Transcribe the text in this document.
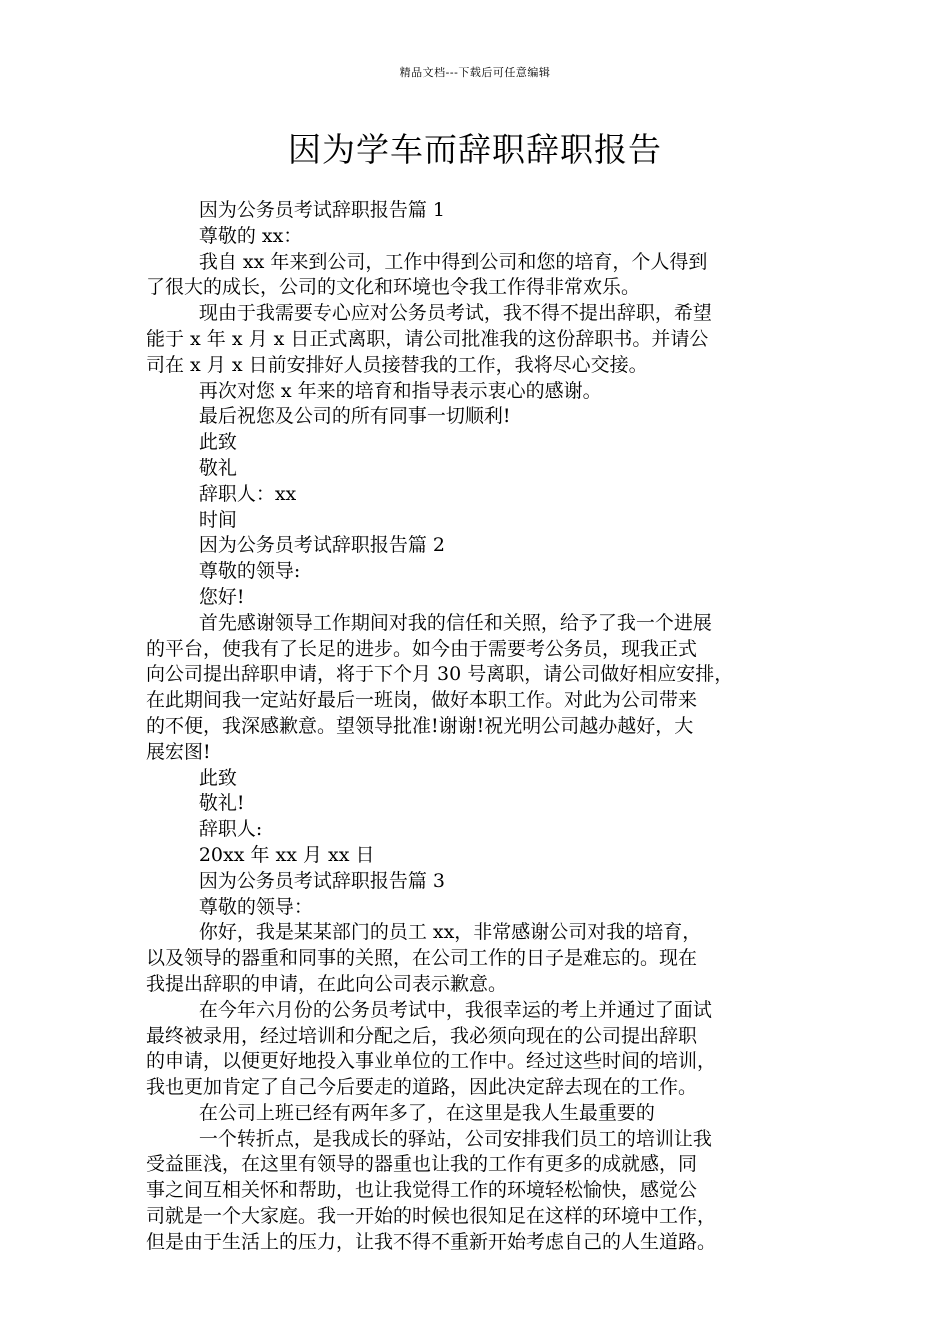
精品文档---下载后可任意编辑
因为学车而辞职辞职报告

因为公务员考试辞职报告篇 1

尊敬的 xx：

我自 xx 年来到公司，工作中得到公司和您的培育，个人得到

了很大的成长，公司的文化和环境也令我工作得非常欢乐。

现由于我需要专心应对公务员考试，我不得不提出辞职，希望

能于 x 年 x 月 x 日正式离职，请公司批准我的这份辞职书。并请公

司在 x 月 x 日前安排好人员接替我的工作，我将尽心交接。

再次对您 x 年来的培育和指导表示衷心的感谢。

最后祝您及公司的所有同事一切顺利!

此致

敬礼

辞职人：xx

时间

因为公务员考试辞职报告篇 2

尊敬的领导:

您好!

首先感谢领导工作期间对我的信任和关照，给予了我一个进展

的平台，使我有了长足的进步。如今由于需要考公务员，现我正式

向公司提出辞职申请，将于下个月 30 号离职，请公司做好相应安排，

在此期间我一定站好最后一班岗，做好本职工作。对此为公司带来

的不便，我深感歉意。望领导批准!谢谢!祝光明公司越办越好，大

展宏图!

此致

敬礼!

辞职人:

20xx 年 xx 月 xx 日

因为公务员考试辞职报告篇 3

尊敬的领导：

你好，我是某某部门的员工 xx，非常感谢公司对我的培育，

以及领导的器重和同事的关照，在公司工作的日子是难忘的。现在

我提出辞职的申请，在此向公司表示歉意。

在今年六月份的公务员考试中，我很幸运的考上并通过了面试

最终被录用，经过培训和分配之后，我必须向现在的公司提出辞职

的申请，以便更好地投入事业单位的工作中。经过这些时间的培训，

我也更加肯定了自己今后要走的道路，因此决定辞去现在的工作。

在公司上班已经有两年多了，在这里是我人生最重要的

一个转折点，是我成长的驿站，公司安排我们员工的培训让我

受益匪浅，在这里有领导的器重也让我的工作有更多的成就感，同

事之间互相关怀和帮助，也让我觉得工作的环境轻松愉快，感觉公

司就是一个大家庭。我一开始的时候也很知足在这样的环境中工作，

但是由于生活上的压力，让我不得不重新开始考虑自己的人生道路。
